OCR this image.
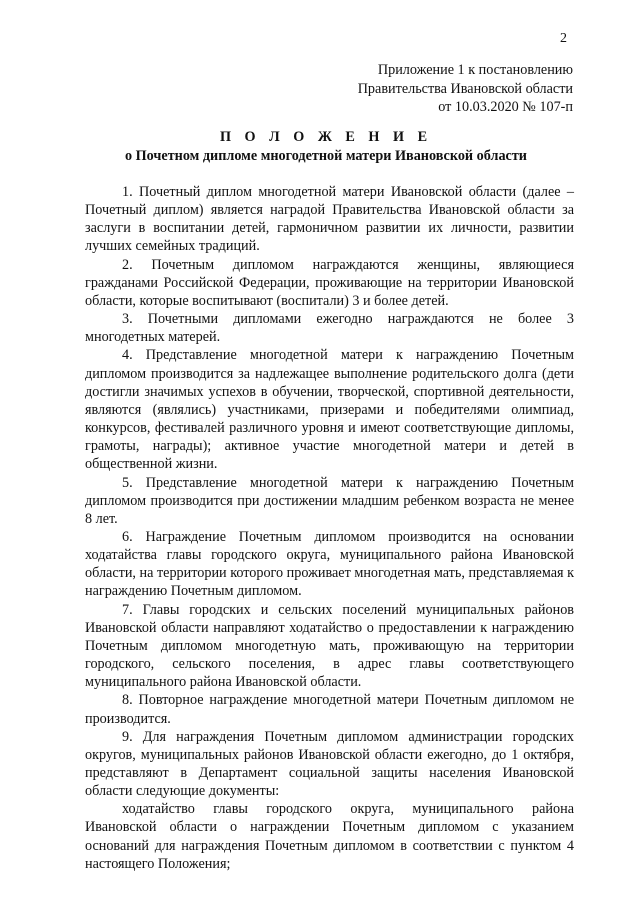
2
Приложение 1 к постановлению
Правительства Ивановской области
от 10.03.2020 № 107-п
П О Л О Ж Е Н И Е
о Почетном дипломе многодетной матери Ивановской области

1. Почетный диплом многодетной матери Ивановской области (далее – Почетный диплом) является наградой Правительства Ивановской области за заслуги в воспитании детей, гармоничном развитии их личности, развитии лучших семейных традиций.

2. Почетным дипломом награждаются женщины, являющиеся гражданами Российской Федерации, проживающие на территории Ивановской области, которые воспитывают (воспитали) 3 и более детей.

3. Почетными дипломами ежегодно награждаются не более 3 многодетных матерей.

4. Представление многодетной матери к награждению Почетным дипломом производится за надлежащее выполнение родительского долга (дети достигли значимых успехов в обучении, творческой, спортивной деятельности, являются (являлись) участниками, призерами и победителями олимпиад, конкурсов, фестивалей различного уровня и имеют соответствующие дипломы, грамоты, награды); активное участие многодетной матери и детей в общественной жизни.

5. Представление многодетной матери к награждению Почетным дипломом производится при достижении младшим ребенком возраста не менее 8 лет.

6. Награждение Почетным дипломом производится на основании ходатайства главы городского округа, муниципального района Ивановской области, на территории которого проживает многодетная мать, представляемая к награждению Почетным дипломом.

7. Главы городских и сельских поселений муниципальных районов Ивановской области направляют ходатайство о предоставлении к награждению Почетным дипломом многодетную мать, проживающую на территории городского, сельского поселения, в адрес главы соответствующего муниципального района Ивановской области.

8. Повторное награждение многодетной матери Почетным дипломом не производится.

9. Для награждения Почетным дипломом администрации городских округов, муниципальных районов Ивановской области ежегодно, до 1 октября, представляют в Департамент социальной защиты населения Ивановской области следующие документы:

ходатайство главы городского округа, муниципального района Ивановской области о награждении Почетным дипломом с указанием оснований для награждения Почетным дипломом в соответствии с пунктом 4 настоящего Положения;
